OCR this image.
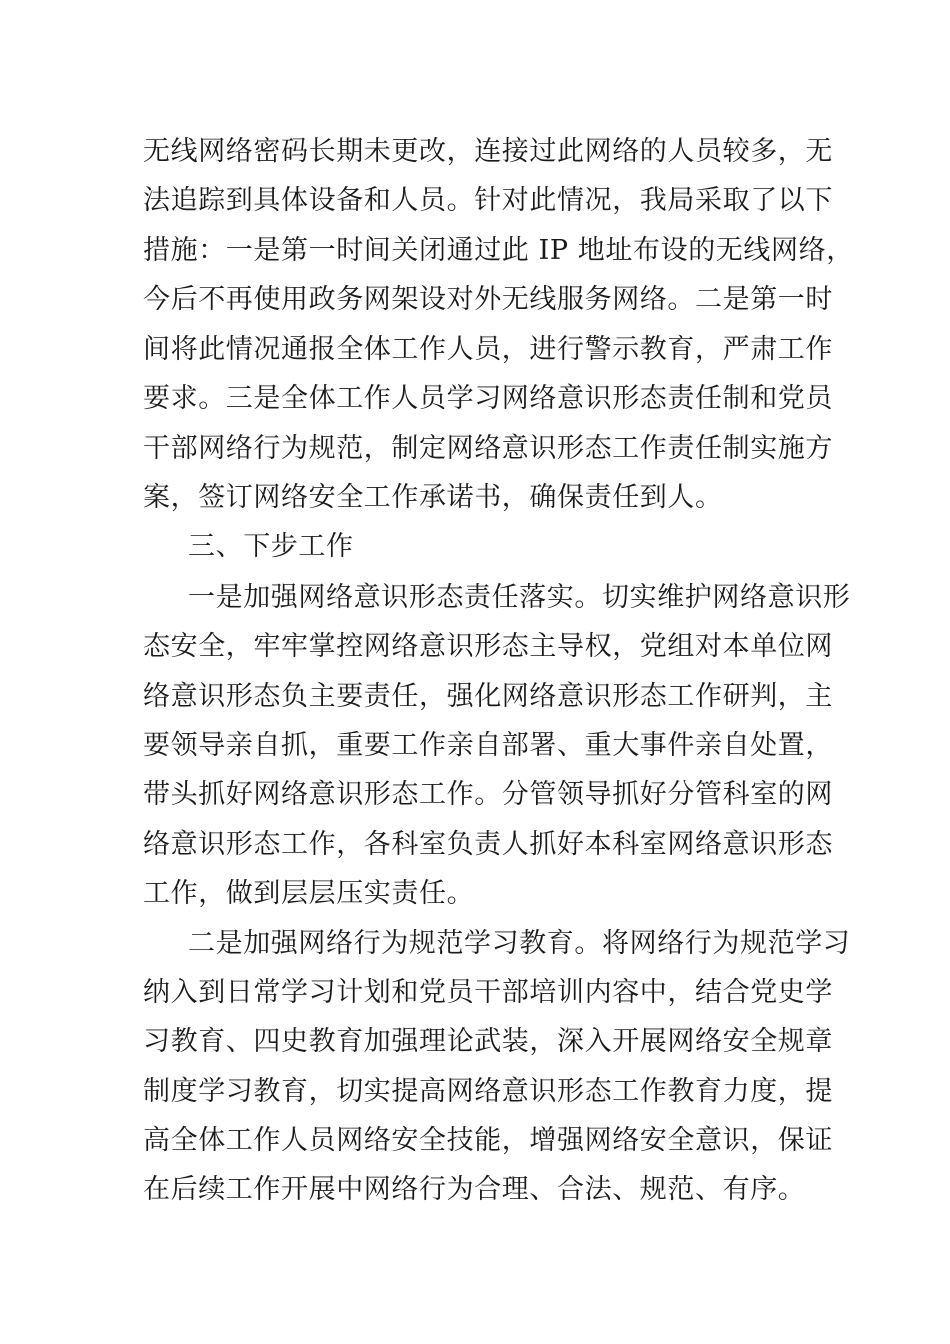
无线网络密码长期未更改，连接过此网络的人员较多，无
法追踪到具体设备和人员。针对此情况，我局采取了以下
措施：一是第一时间关闭通过此 IP 地址布设的无线网络，
今后不再使用政务网架设对外无线服务网络。二是第一时
间将此情况通报全体工作人员，进行警示教育，严肃工作
要求。三是全体工作人员学习网络意识形态责任制和党员
干部网络行为规范，制定网络意识形态工作责任制实施方
案，签订网络安全工作承诺书，确保责任到人。
三、下步工作
一是加强网络意识形态责任落实。切实维护网络意识形
态安全，牢牢掌控网络意识形态主导权，党组对本单位网
络意识形态负主要责任，强化网络意识形态工作研判，主
要领导亲自抓，重要工作亲自部署、重大事件亲自处置，
带头抓好网络意识形态工作。分管领导抓好分管科室的网
络意识形态工作，各科室负责人抓好本科室网络意识形态
工作，做到层层压实责任。
二是加强网络行为规范学习教育。将网络行为规范学习
纳入到日常学习计划和党员干部培训内容中，结合党史学
习教育、四史教育加强理论武装，深入开展网络安全规章
制度学习教育，切实提高网络意识形态工作教育力度，提
高全体工作人员网络安全技能，增强网络安全意识，保证
在后续工作开展中网络行为合理、合法、规范、有序。
